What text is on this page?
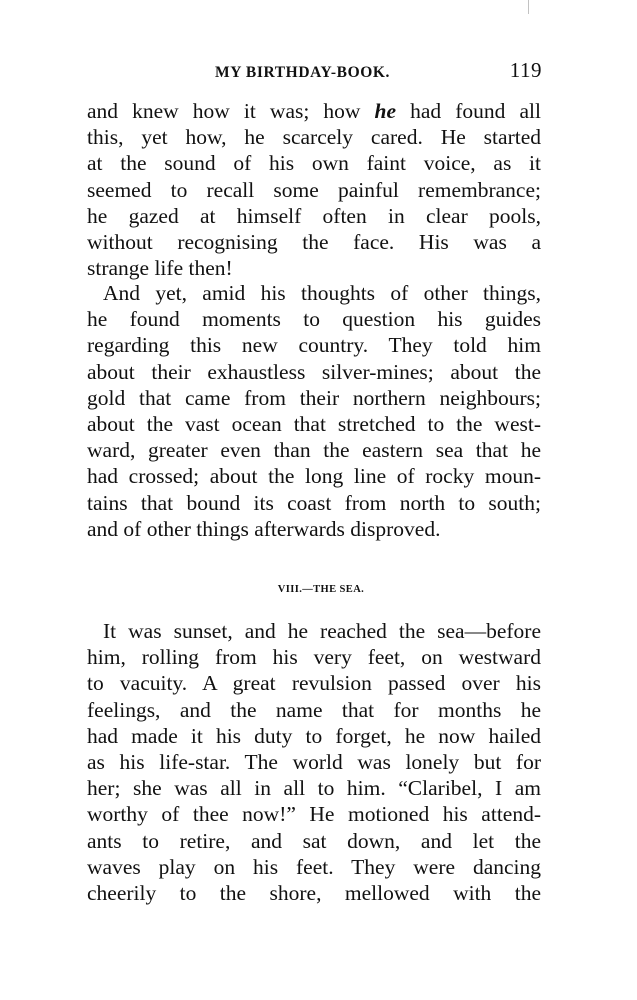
MY BIRTHDAY-BOOK.	119
and knew how it was; how he had found all
this, yet how, he scarcely cared. He started
at the sound of his own faint voice, as it
seemed to recall some painful remembrance;
he gazed at himself often in clear pools,
without recognising the face. His was a
strange life then!
And yet, amid his thoughts of other things,
he found moments to question his guides
regarding this new country. They told him
about their exhaustless silver-mines; about the
gold that came from their northern neighbours;
about the vast ocean that stretched to the west-
ward, greater even than the eastern sea that he
had crossed; about the long line of rocky moun-
tains that bound its coast from north to south;
and of other things afterwards disproved.
VIII.—THE SEA.
It was sunset, and he reached the sea—before
him, rolling from his very feet, on westward
to vacuity. A great revulsion passed over his
feelings, and the name that for months he
had made it his duty to forget, he now hailed
as his life-star. The world was lonely but for
her; she was all in all to him. “Claribel, I am
worthy of thee now!” He motioned his attend-
ants to retire, and sat down, and let the
waves play on his feet. They were dancing
cheerily to the shore, mellowed with the
